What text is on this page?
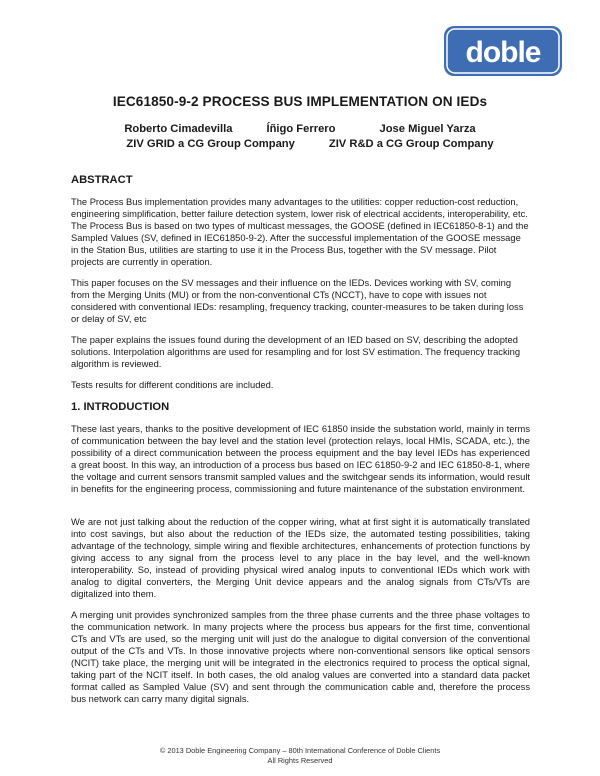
doble
IEC61850-9-2 PROCESS BUS IMPLEMENTATION ON IEDs
Roberto Cimadevilla	Íñigo Ferrero	Jose Miguel Yarza
ZIV GRID a CG Group Company	ZIV R&D a CG Group Company
ABSTRACT

The Process Bus implementation provides many advantages to the utilities: copper reduction-cost reduction, engineering simplification, better failure detection system, lower risk of electrical accidents, interoperability, etc. The Process Bus is based on two types of multicast messages, the GOOSE (defined in IEC61850-8-1) and the Sampled Values (SV, defined in IEC61850-9-2). After the successful implementation of the GOOSE message in the Station Bus, utilities are starting to use it in the Process Bus, together with the SV message. Pilot projects are currently in operation.

This paper focuses on the SV messages and their influence on the IEDs. Devices working with SV, coming from the Merging Units (MU) or from the non-conventional CTs (NCCT), have to cope with issues not considered with conventional IEDs: resampling, frequency tracking, counter-measures to be taken during loss or delay of SV, etc

The paper explains the issues found during the development of an IED based on SV, describing the adopted solutions. Interpolation algorithms are used for resampling and for lost SV estimation. The frequency tracking algorithm is reviewed.

Tests results for different conditions are included.

1. INTRODUCTION

These last years, thanks to the positive development of IEC 61850 inside the substation world, mainly in terms of communication between the bay level and the station level (protection relays, local HMIs, SCADA, etc.), the possibility of a direct communication between the process equipment and the bay level IEDs has experienced a great boost. In this way, an introduction of a process bus based on IEC 61850-9-2 and IEC 61850-8-1, where the voltage and current sensors transmit sampled values and the switchgear sends its information, would result in benefits for the engineering process, commissioning and future maintenance of the substation environment.

We are not just talking about the reduction of the copper wiring, what at first sight it is automatically translated into cost savings, but also about the reduction of the IEDs size, the automated testing possibilities, taking advantage of the technology, simple wiring and flexible architectures, enhancements of protection functions by giving access to any signal from the process level to any place in the bay level, and the well-known interoperability. So, instead of providing physical wired analog inputs to conventional IEDs which work with analog to digital converters, the Merging Unit device appears and the analog signals from CTs/VTs are digitalized into them.

A merging unit provides synchronized samples from the three phase currents and the three phase voltages to the communication network. In many projects where the process bus appears for the first time, conventional CTs and VTs are used, so the merging unit will just do the analogue to digital conversion of the conventional output of the CTs and VTs. In those innovative projects where non-conventional sensors like optical sensors (NCIT) take place, the merging unit will be integrated in the electronics required to process the optical signal, taking part of the NCIT itself. In both cases, the old analog values are converted into a standard data packet format called as Sampled Value (SV) and sent through the communication cable and, therefore the process bus network can carry many digital signals.

© 2013 Doble Engineering Company – 80th International Conference of Doble Clients
All Rights Reserved
